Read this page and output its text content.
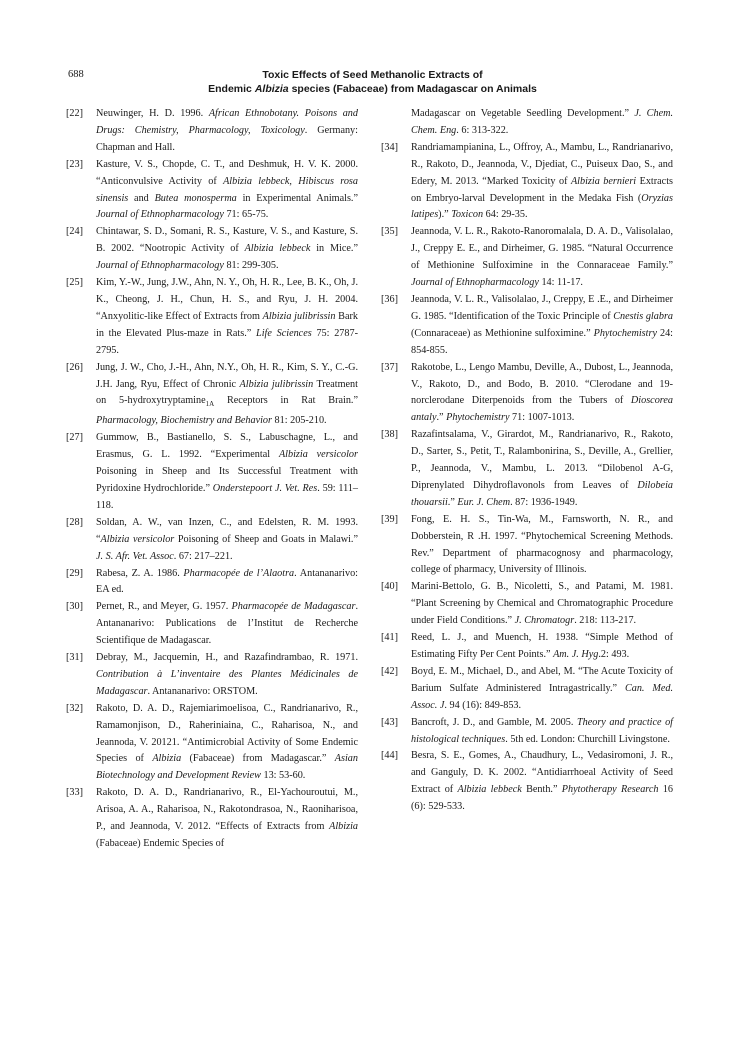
688	Toxic Effects of Seed Methanolic Extracts of
Endemic Albizia species (Fabaceae) from Madagascar on Animals
[22]	Neuwinger, H. D. 1996. African Ethnobotany. Poisons and Drugs: Chemistry, Pharmacology, Toxicology. Germany: Chapman and Hall.
[23]	Kasture, V. S., Chopde, C. T., and Deshmuk, H. V. K. 2000. “Anticonvulsive Activity of Albizia lebbeck, Hibiscus rosa sinensis and Butea monosperma in Experimental Animals.” Journal of Ethnopharmacology 71: 65-75.
[24]	Chintawar, S. D., Somani, R. S., Kasture, V. S., and Kasture, S. B. 2002. “Nootropic Activity of Albizia lebbeck in Mice.” Journal of Ethnopharmacology 81: 299-305.
[25]	Kim, Y.-W., Jung, J.W., Ahn, N. Y., Oh, H. R., Lee, B. K., Oh, J. K., Cheong, J. H., Chun, H. S., and Ryu, J. H. 2004. “Anxyolitic-like Effect of Extracts from Albizia julibrissin Bark in the Elevated Plus-maze in Rats.” Life Sciences 75: 2787-2795.
[26]	Jung, J. W., Cho, J.-H., Ahn, N.Y., Oh, H. R., Kim, S. Y., C.-G. J.H. Jang, Ryu, Effect of Chronic Albizia julibrissin Treatment on 5-hydroxytryptamine$_{1A}$ Receptors in Rat Brain.” Pharmacology, Biochemistry and Behavior 81: 205-210.
[27]	Gummow, B., Bastianello, S. S., Labuschagne, L., and Erasmus, G. L. 1992. “Experimental Albizia versicolor Poisoning in Sheep and Its Successful Treatment with Pyridoxine Hydrochloride.” Onderstepoort J. Vet. Res. 59: 111–118.
[28]	Soldan, A. W., van Inzen, C., and Edelsten, R. M. 1993. “Albizia versicolor Poisoning of Sheep and Goats in Malawi.” J. S. Afr. Vet. Assoc. 67: 217–221.
[29]	Rabesa, Z. A. 1986. Pharmacopée de l’Alaotra. Antananarivo: EA ed.
[30]	Pernet, R., and Meyer, G. 1957. Pharmacopée de Madagascar. Antananarivo: Publications de l’Institut de Recherche Scientifique de Madagascar.
[31]	Debray, M., Jacquemin, H., and Razafindrambao, R. 1971. Contribution à L’inventaire des Plantes Médicinales de Madagascar. Antananarivo: ORSTOM.
[32]	Rakoto, D. A. D., Rajemiarimoelisoa, C., Randrianarivo, R., Ramamonjison, D., Raheriniaina, C., Raharisoa, N., and Jeannoda, V. 20121. “Antimicrobial Activity of Some Endemic Species of Albizia (Fabaceae) from Madagascar.” Asian Biotechnology and Development Review 13: 53-60.
[33]	Rakoto, D. A. D., Randrianarivo, R., El-Yachouroutui, M., Arisoa, A. A., Raharisoa, N., Rakotondrasoa, N., Raoniharisoa, P., and Jeannoda, V. 2012. “Effects of Extracts from Albizia (Fabaceae) Endemic Species of
Madagascar on Vegetable Seedling Development.” J. Chem. Chem. Eng. 6: 313-322.
[34]	Randriamampianina, L., Offroy, A., Mambu, L., Randrianarivo, R., Rakoto, D., Jeannoda, V., Djediat, C., Puiseux Dao, S., and Edery, M. 2013. “Marked Toxicity of Albizia bernieri Extracts on Embryo-larval Development in the Medaka Fish (Oryzias latipes).” Toxicon 64: 29-35.
[35]	Jeannoda, V. L. R., Rakoto-Ranoromalala, D. A. D., Valisolalao, J., Creppy E. E., and Dirheimer, G. 1985. “Natural Occurrence of Methionine Sulfoximine in the Connaraceae Family.” Journal of Ethnopharmacology 14: 11-17.
[36]	Jeannoda, V. L. R., Valisolalao, J., Creppy, E .E., and Dirheimer G. 1985. “Identification of the Toxic Principle of Cnestis glabra (Connaraceae) as Methionine sulfoximine.” Phytochemistry 24: 854-855.
[37]	Rakotobe, L., Lengo Mambu, Deville, A., Dubost, L., Jeannoda, V., Rakoto, D., and Bodo, B. 2010. “Clerodane and 19-norclerodane Diterpenoids from the Tubers of Dioscorea antaly.” Phytochemistry 71: 1007-1013.
[38]	Razafintsalama, V., Girardot, M., Randrianarivo, R., Rakoto, D., Sarter, S., Petit, T., Ralambonirina, S., Deville, A., Grellier, P., Jeannoda, V., Mambu, L. 2013. “Dilobenol A-G, Diprenylated Dihydroflavonols from Leaves of Dilobeia thouarsii.” Eur. J. Chem. 87: 1936-1949.
[39]	Fong, E. H. S., Tin-Wa, M., Farnsworth, N. R., and Dobberstein, R .H. 1997. “Phytochemical Screening Methods. Rev.” Department of pharmacognosy and pharmacology, college of pharmacy, University of Illinois.
[40]	Marini-Bettolo, G. B., Nicoletti, S., and Patami, M. 1981. “Plant Screening by Chemical and Chromatographic Procedure under Field Conditions.” J. Chromatogr. 218: 113-217.
[41]	Reed, L. J., and Muench, H. 1938. “Simple Method of Estimating Fifty Per Cent Points.” Am. J. Hyg.2: 493.
[42]	Boyd, E. M., Michael, D., and Abel, M. “The Acute Toxicity of Barium Sulfate Administered Intragastrically.” Can. Med. Assoc. J. 94 (16): 849-853.
[43]	Bancroft, J. D., and Gamble, M. 2005. Theory and practice of histological techniques. 5th ed. London: Churchill Livingstone.
[44]	Besra, S. E., Gomes, A., Chaudhury, L., Vedasiromoni, J. R., and Ganguly, D. K. 2002. “Antidiarrhoeal Activity of Seed Extract of Albizia lebbeck Benth.” Phytotherapy Research 16 (6): 529-533.
